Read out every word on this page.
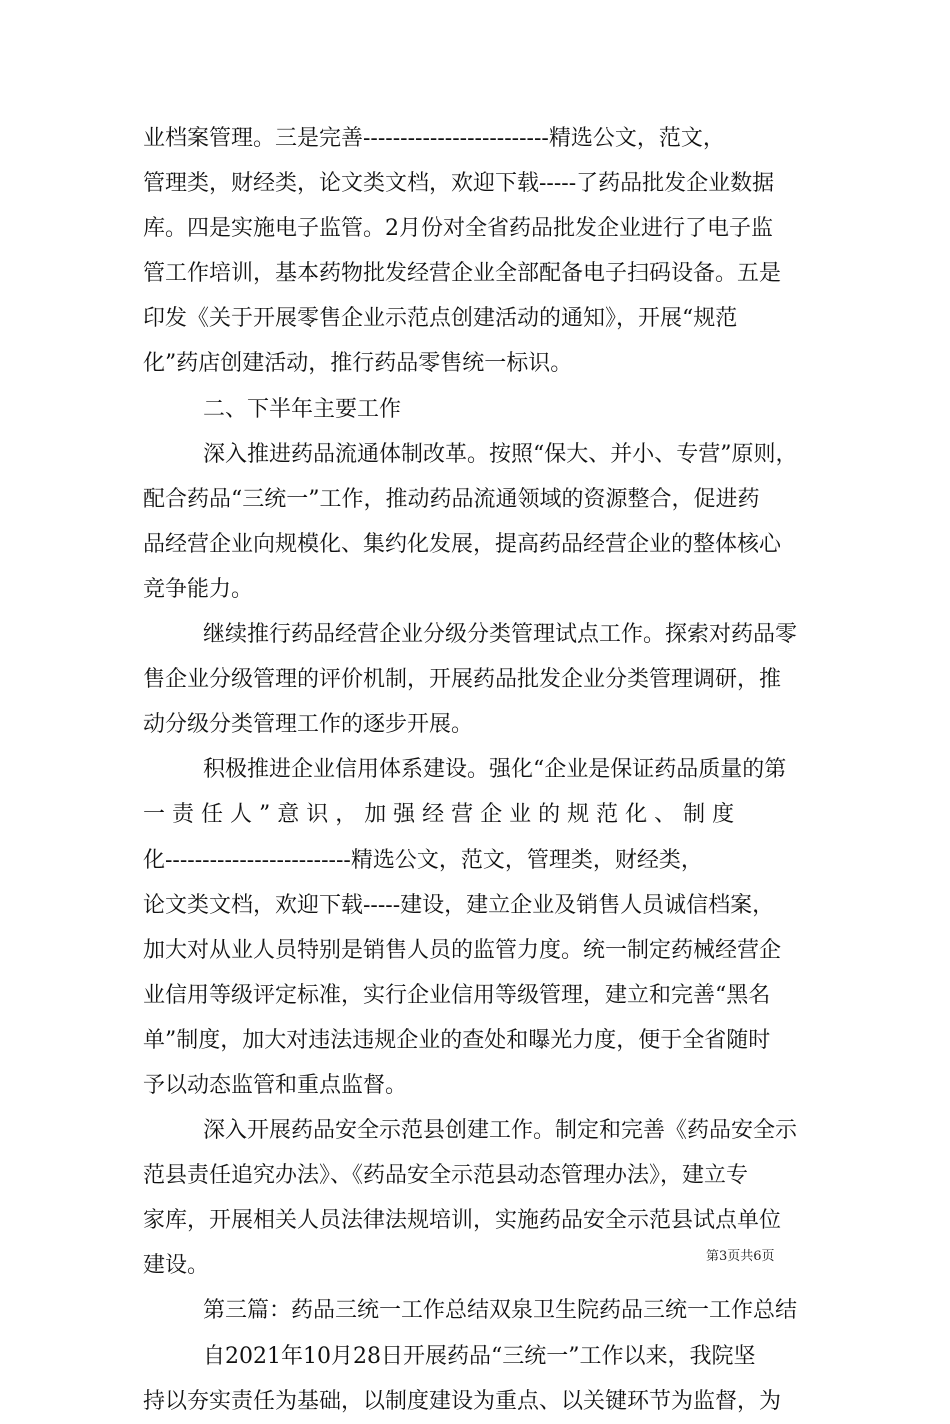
业档案管理。三是完善-------------------------精选公文，范文，
管理类，财经类，论文类文档，欢迎下载-----了药品批发企业数据
库。四是实施电子监管。2月份对全省药品批发企业进行了电子监
管工作培训，基本药物批发经营企业全部配备电子扫码设备。五是
印发《关于开展零售企业示范点创建活动的通知》，开展“规范
化”药店创建活动，推行药品零售统一标识。
二、下半年主要工作
深入推进药品流通体制改革。按照“保大、并小、专营”原则，
配合药品“三统一”工作，推动药品流通领域的资源整合，促进药
品经营企业向规模化、集约化发展，提高药品经营企业的整体核心
竞争能力。
继续推行药品经营企业分级分类管理试点工作。探索对药品零
售企业分级管理的评价机制，开展药品批发企业分类管理调研，推
动分级分类管理工作的逐步开展。
积极推进企业信用体系建设。强化“企业是保证药品质量的第
一 责 任 人 ” 意 识 ， 加 强 经 营 企 业 的 规 范 化 、 制 度
化-------------------------精选公文，范文，管理类，财经类，
论文类文档，欢迎下载-----建设，建立企业及销售人员诚信档案，
加大对从业人员特别是销售人员的监管力度。统一制定药械经营企
业信用等级评定标准，实行企业信用等级管理，建立和完善“黑名
单”制度，加大对违法违规企业的查处和曝光力度，便于全省随时
予以动态监管和重点监督。
深入开展药品安全示范县创建工作。制定和完善《药品安全示
范县责任追究办法》、《药品安全示范县动态管理办法》，建立专
家库，开展相关人员法律法规培训，实施药品安全示范县试点单位
建设。
第三篇：药品三统一工作总结双泉卫生院药品三统一工作总结
自2021年10月28日开展药品“三统一”工作以来，我院坚
持以夯实责任为基础，以制度建设为重点、以关键环节为监督，为
第3页共6页
